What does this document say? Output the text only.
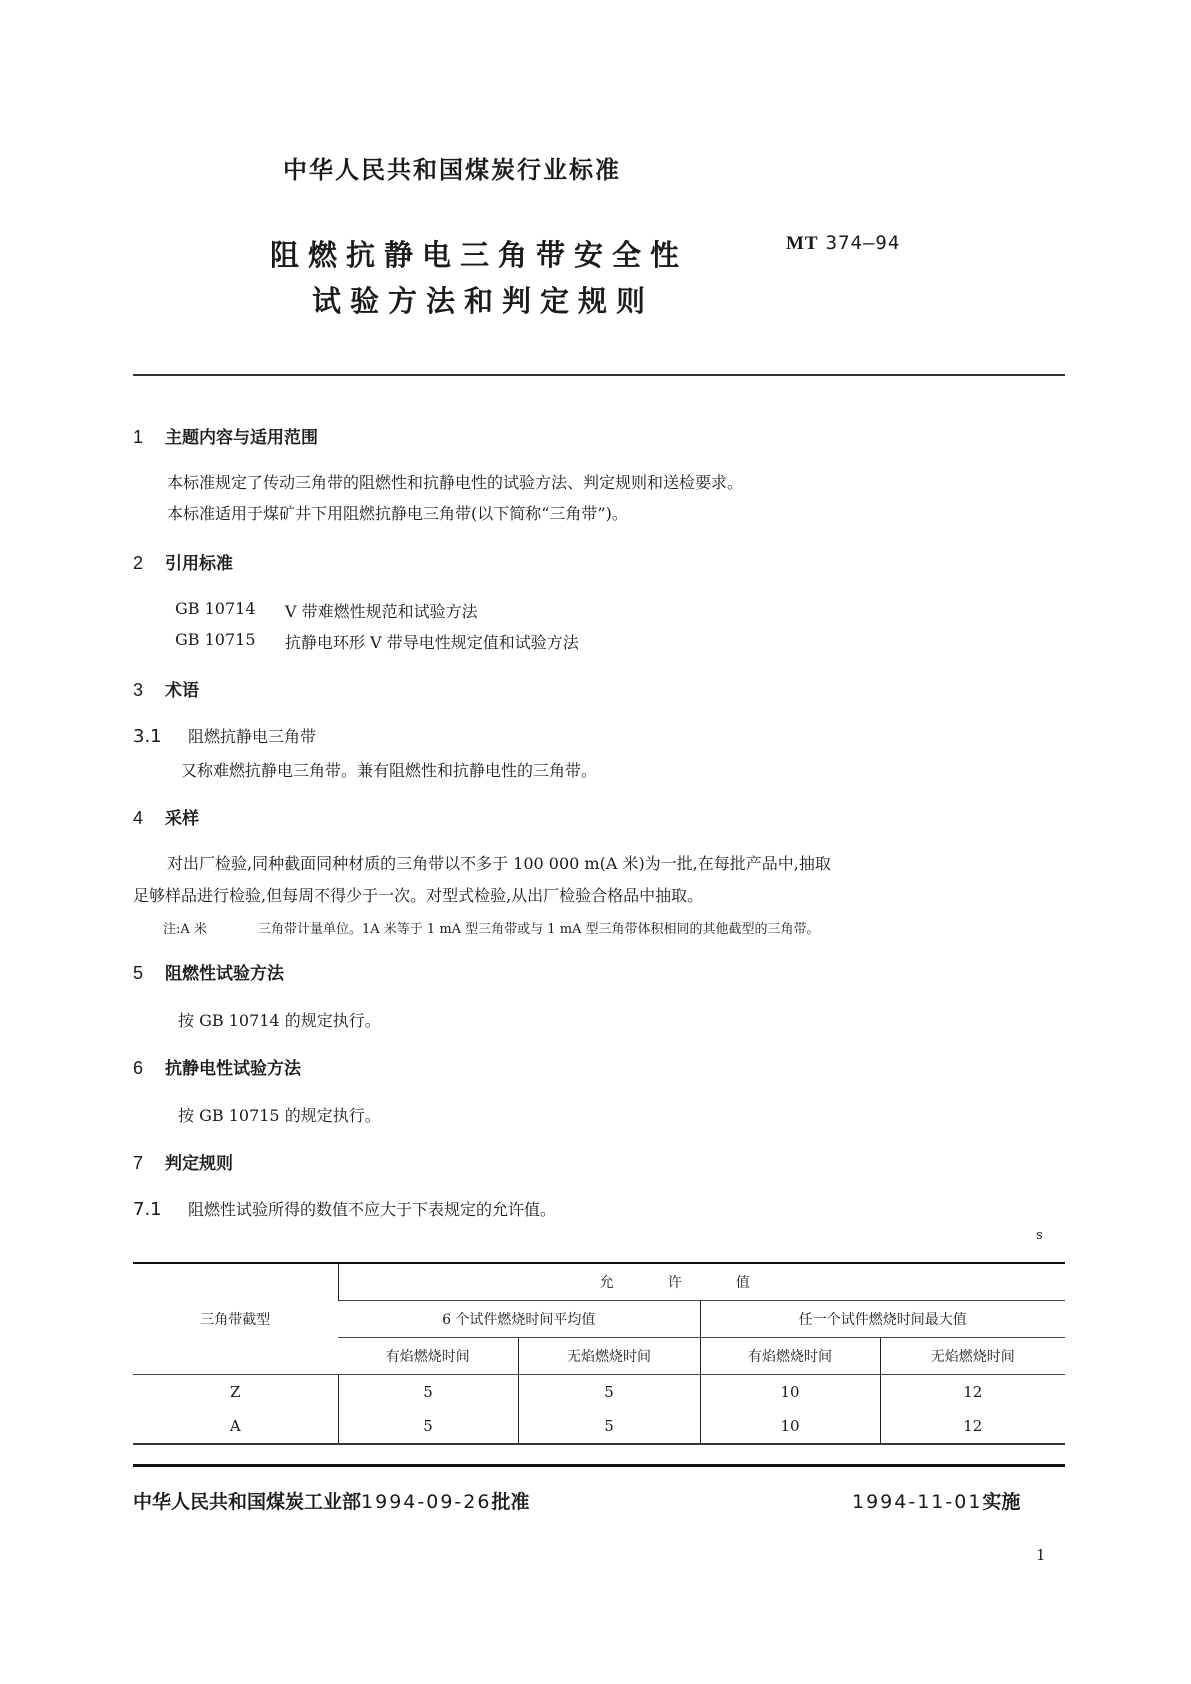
中华人民共和国煤炭行业标准
阻燃抗静电三角带安全性
试验方法和判定规则
MT 374—94
1 主题内容与适用范围
本标准规定了传动三角带的阻燃性和抗静电性的试验方法、判定规则和送检要求。
本标准适用于煤矿井下用阻燃抗静电三角带(以下简称“三角带”)。
2 引用标准
GB 10714 V 带难燃性规范和试验方法
GB 10715 抗静电环形 V 带导电性规定值和试验方法
3 术语
3.1 阻燃抗静电三角带
又称难燃抗静电三角带。兼有阻燃性和抗静电性的三角带。
4 采样
对出厂检验,同种截面同种材质的三角带以不多于 100 000 m(A 米)为一批,在每批产品中,抽取
足够样品进行检验,但每周不得少于一次。对型式检验,从出厂检验合格品中抽取。
注:A 米	三角带计量单位。1A 米等于 1 mA 型三角带或与 1 mA 型三角带体积相同的其他截型的三角带。
5 阻燃性试验方法
按 GB 10714 的规定执行。
6 抗静电性试验方法
按 GB 10715 的规定执行。
7 判定规则
7.1 阻燃性试验所得的数值不应大于下表规定的允许值。
s
三角带截型	允许值			
	6 个试件燃烧时间平均值		任一个试件燃烧时间最大值	
	有焰燃烧时间	无焰燃烧时间	有焰燃烧时间	无焰燃烧时间
Z	5	5	10	12
A	5	5	10	12
中华人民共和国煤炭工业部1994-09-26批准	1994-11-01实施
1
